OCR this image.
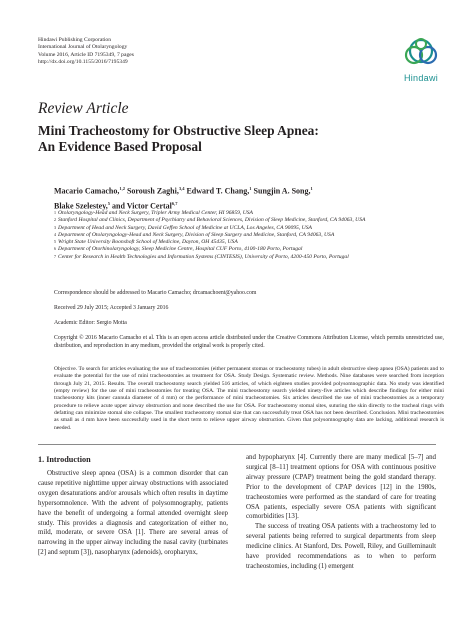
Hindawi Publishing Corporation
International Journal of Otolaryngology
Volume 2016, Article ID 7195349, 7 pages
http://dx.doi.org/10.1155/2016/7195349
Hindawi
Review Article
Mini Tracheostomy for Obstructive Sleep Apnea:
An Evidence Based Proposal
Macario Camacho,$^{1,2}$ Soroush Zaghi,$^{3,4}$ Edward T. Chang,$^1$ Sungjin A. Song,$^1$
Blake Szelestey,$^5$ and Victor Certal$^{6,7}$
1 Otolaryngology-Head and Neck Surgery, Tripler Army Medical Center, HI 96859, USA
2 Stanford Hospital and Clinics, Department of Psychiatry and Behavioral Sciences, Division of Sleep Medicine, Stanford, CA 94063, USA
3 Department of Head and Neck Surgery, David Geffen School of Medicine at UCLA, Los Angeles, CA 90095, USA
4 Department of Otolaryngology-Head and Neck Surgery, Division of Sleep Surgery and Medicine, Stanford, CA 94063, USA
5 Wright State University Boonshoft School of Medicine, Dayton, OH 45435, USA
6 Department of Otorhinolaryngology, Sleep Medicine Centre, Hospital CUF Porto, 4100-180 Porto, Portugal
7 Center for Research in Health Technologies and Information Systems (CINTESIS), University of Porto, 4200-450 Porto, Portugal
Correspondence should be addressed to Macario Camacho; drcamachoent@yahoo.com
Received 29 July 2015; Accepted 3 January 2016
Academic Editor: Sergio Motta
Copyright © 2016 Macario Camacho et al. This is an open access article distributed under the Creative Commons Attribution License, which permits unrestricted use, distribution, and reproduction in any medium, provided the original work is properly cited.
Objective. To search for articles evaluating the use of tracheostomies (either permanent stomas or tracheostomy tubes) in adult obstructive sleep apnea (OSA) patients and to evaluate the potential for the use of mini tracheostomies as treatment for OSA. Study Design. Systematic review. Methods. Nine databases were searched from inception through July 21, 2015. Results. The overall tracheostomy search yielded 516 articles, of which eighteen studies provided polysomnographic data. No study was identified (empty review) for the use of mini tracheostomies for treating OSA. The mini tracheostomy search yielded ninety-five articles which describe findings for either mini tracheostomy kits (inner cannula diameter of 4 mm) or the performance of mini tracheostomies. Six articles described the use of mini tracheostomies as a temporary procedure to relieve acute upper airway obstruction and none described the use for OSA. For tracheostomy stomal sites, suturing the skin directly to the tracheal rings with defatting can minimize stomal site collapse. The smallest tracheostomy stomal size that can successfully treat OSA has not been described. Conclusion. Mini tracheostomies as small as 4 mm have been successfully used in the short term to relieve upper airway obstruction. Given that polysomnography data are lacking, additional research is needed.
1. Introduction

Obstructive sleep apnea (OSA) is a common disorder that can cause repetitive nighttime upper airway obstructions with associated oxygen desaturations and/or arousals which often results in daytime hypersomnolence. With the advent of polysomnography, patients have the benefit of undergoing a formal attended overnight sleep study. This provides a diagnosis and categorization of either no, mild, moderate, or severe OSA [1]. There are several areas of narrowing in the upper airway including the nasal cavity (turbinates [2] and septum [3]), nasopharynx (adenoids), oropharynx,

and hypopharynx [4]. Currently there are many medical [5–7] and surgical [8–11] treatment options for OSA with continuous positive airway pressure (CPAP) treatment being the gold standard therapy. Prior to the development of CPAP devices [12] in the 1980s, tracheostomies were performed as the standard of care for treating OSA patients, especially severe OSA patients with significant comorbidities [13].

The success of treating OSA patients with a tracheostomy led to several patients being referred to surgical departments from sleep medicine clinics. At Stanford, Drs. Powell, Riley, and Guilleminault have provided recommendations as to when to perform tracheostomies, including (1) emergent
